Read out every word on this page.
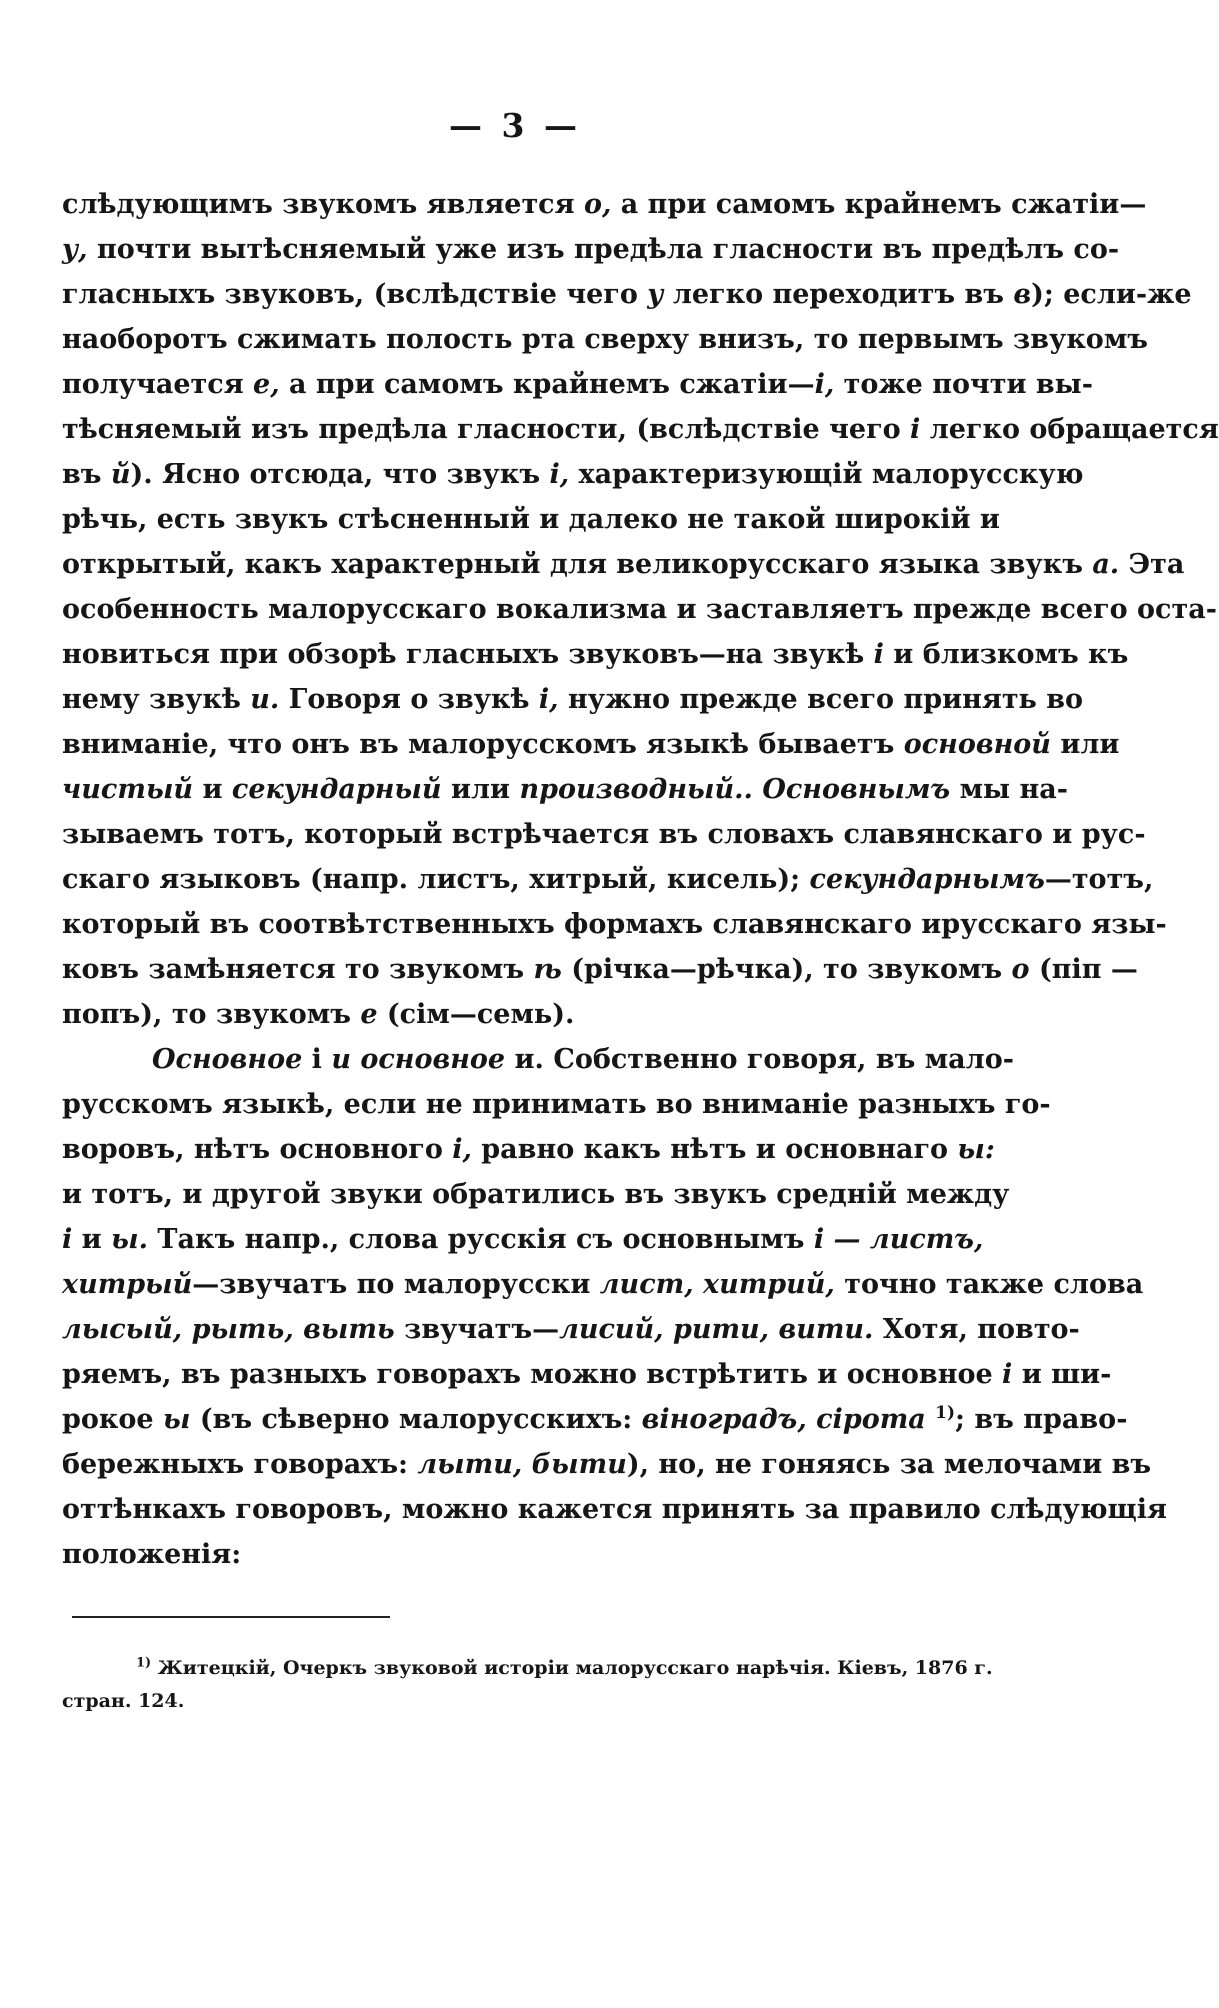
— 3 —
слѣдующимъ звукомъ является о, а при самомъ крайнемъ сжатіи—
у, почти вытѣсняемый уже изъ предѣла гласности въ предѣлъ со-
гласныхъ звуковъ, (вслѣдствіе чего у легко переходитъ въ в); если-же
наоборотъ сжимать полость рта сверху внизъ, то первымъ звукомъ
получается е, а при самомъ крайнемъ сжатіи—і, тоже почти вы-
тѣсняемый изъ предѣла гласности, (вслѣдствіе чего і легко обращается
въ й). Ясно отсюда, что звукъ і, характеризующій малорусскую
рѣчь, есть звукъ стѣсненный и далеко не такой широкій и
открытый, какъ характерный для великорусскаго языка звукъ а. Эта
особенность малорусскаго вокализма и заставляетъ прежде всего оста-
новиться при обзорѣ гласныхъ звуковъ—на звукѣ і и близкомъ къ
нему звукѣ и. Говоря о звукѣ і, нужно прежде всего принять во
вниманіе, что онъ въ малорусскомъ языкѣ бываетъ основной или
чистый и секундарный или производный.. Основнымъ мы на-
зываемъ тотъ, который встрѣчается въ словахъ славянскаго и рус-
скаго языковъ (напр. листъ, хитрый, кисель); секундарнымъ—тотъ,
который въ соотвѣтственныхъ формахъ славянскаго ирусскаго язы-
ковъ замѣняется то звукомъ ѣ (річка—рѣчка), то звукомъ о (піп —
попъ), то звукомъ е (сім—семь).
Основное і и основное и. Собственно говоря, въ мало-
русскомъ языкѣ, если не принимать во вниманіе разныхъ го-
воровъ, нѣтъ основного і, равно какъ нѣтъ и основнаго ы:
и тотъ, и другой звуки обратились въ звукъ средній между
і и ы. Такъ напр., слова русскія съ основнымъ і — листъ,
хитрый—звучатъ по малорусски лист, хитрий, точно также слова
лысый, рыть, выть звучатъ—лисий, рити, вити. Хотя, повто-
ряемъ, въ разныхъ говорахъ можно встрѣтить и основное і и ши-
рокое ы (въ сѣверно малорусскихъ: віноградъ, сірота $^{1)}$; въ право-
бережныхъ говорахъ: лыти, быти), но, не гоняясь за мелочами въ
оттѣнкахъ говоровъ, можно кажется принять за правило слѣдующія
положенія:
$^{1)}$ Житецкій, Очеркъ звуковой исторіи малорусскаго нарѣчія. Кіевъ, 1876 г.
стран. 124.
